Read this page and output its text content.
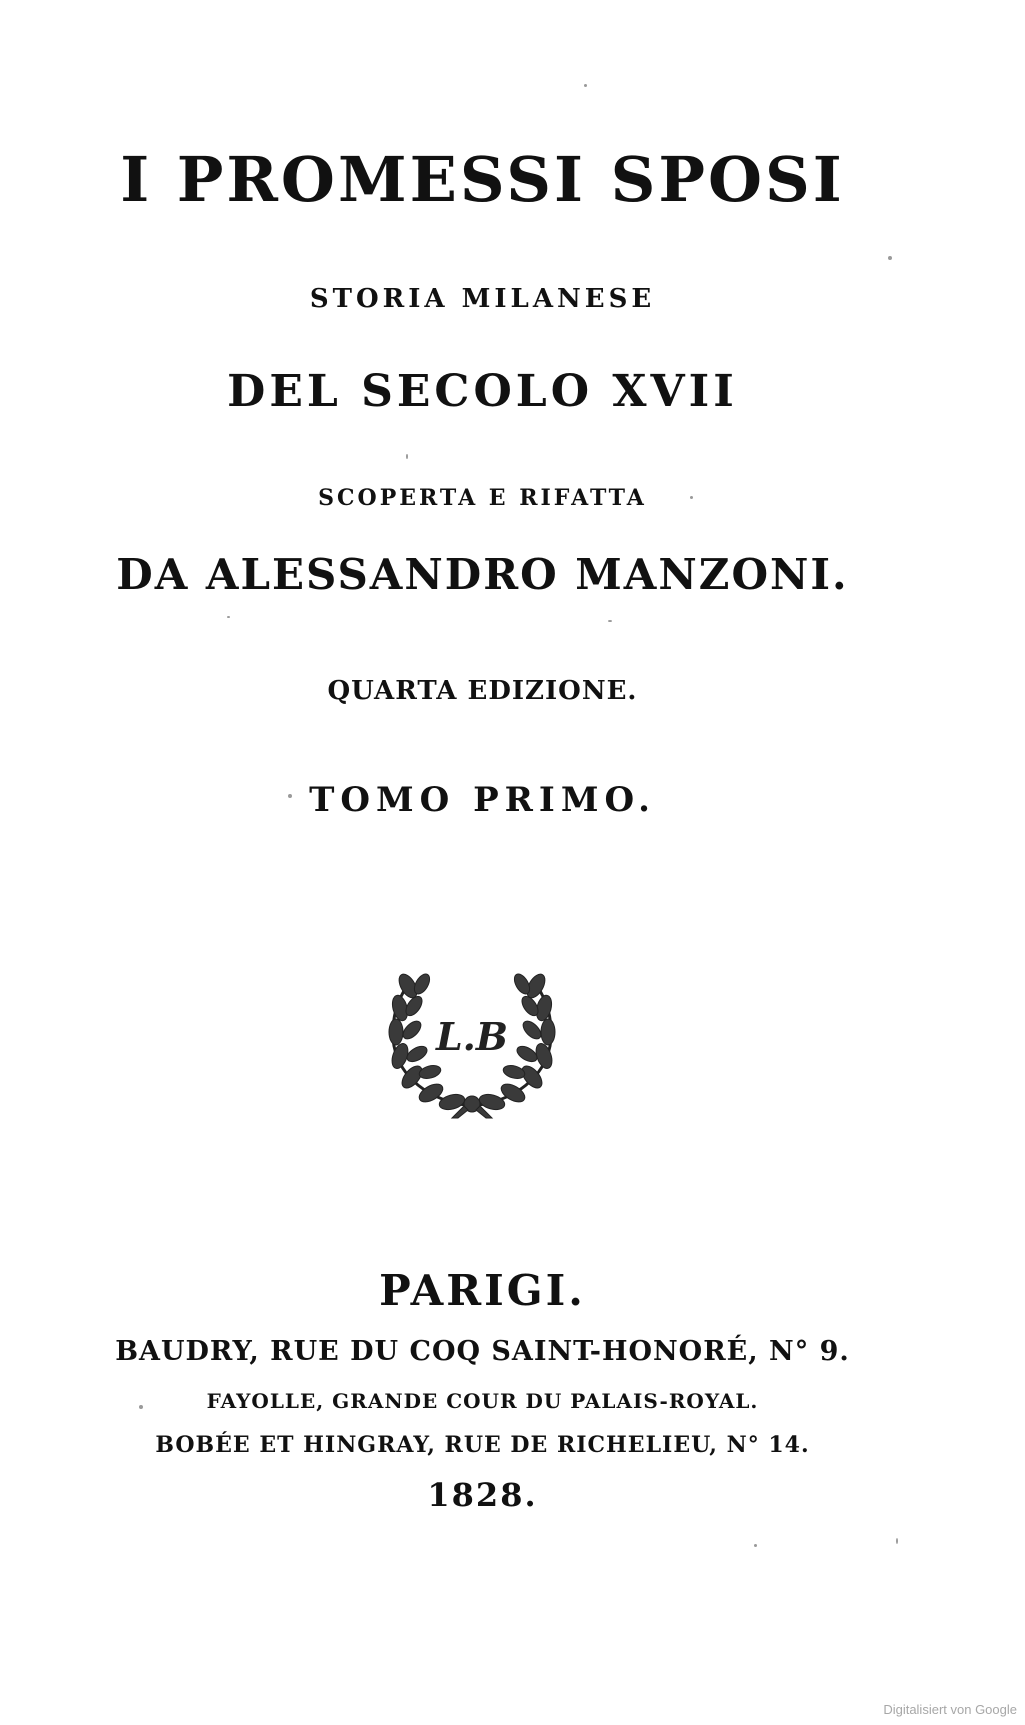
I PROMESSI SPOSI
STORIA MILANESE
DEL SECOLO XVII
SCOPERTA E RIFATTA
DA ALESSANDRO MANZONI.
QUARTA EDIZIONE.
TOMO PRIMO.
L.B
PARIGI.
BAUDRY, RUE DU COQ SAINT-HONORÉ, N° 9.
FAYOLLE, GRANDE COUR DU PALAIS-ROYAL.
BOBÉE ET HINGRAY, RUE DE RICHELIEU, N° 14.
1828.
Digitalisiert von Google
